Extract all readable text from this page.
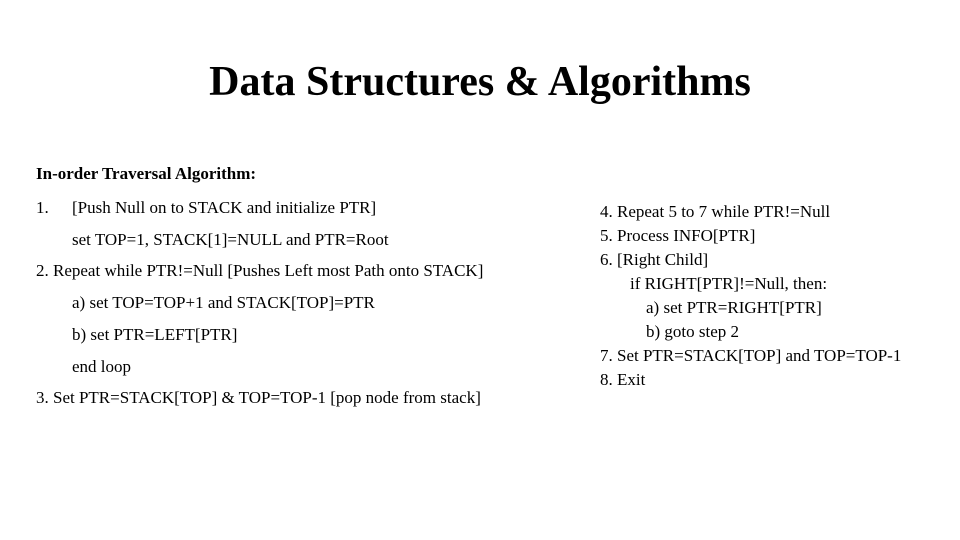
Data Structures & Algorithms
In-order Traversal Algorithm:
1. [Push Null on to STACK and initialize PTR]
set TOP=1, STACK[1]=NULL and PTR=Root
2. Repeat while PTR!=Null [Pushes Left most Path onto STACK]
a) set TOP=TOP+1 and STACK[TOP]=PTR
b) set PTR=LEFT[PTR]
end loop
3. Set PTR=STACK[TOP] & TOP=TOP-1 [pop node from stack]
4. Repeat 5 to 7 while PTR!=Null
5. Process INFO[PTR]
6. [Right Child]
if RIGHT[PTR]!=Null, then:
a) set PTR=RIGHT[PTR]
b) goto step 2
7. Set PTR=STACK[TOP] and TOP=TOP-1
8. Exit
